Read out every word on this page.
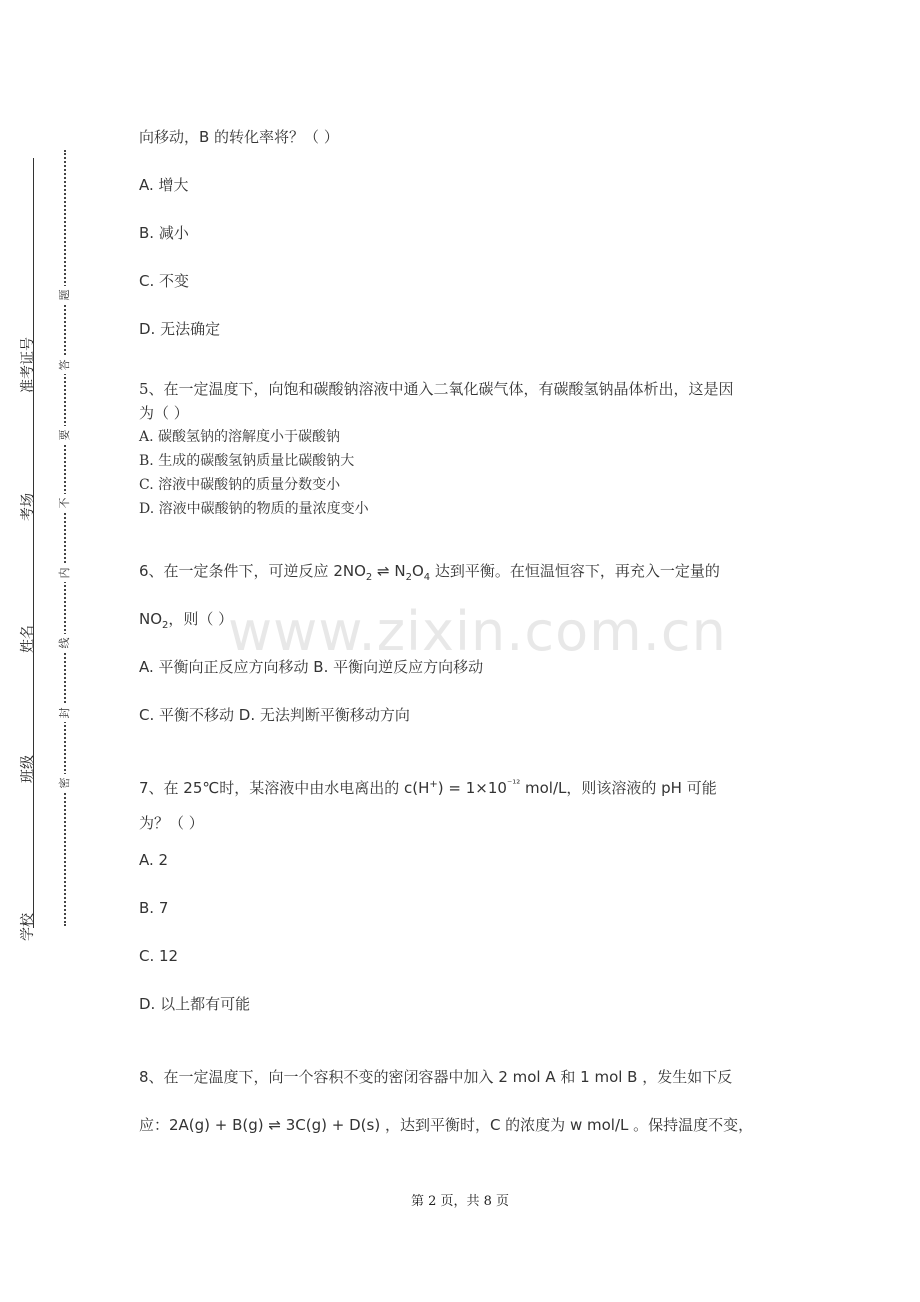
准考证号
考场
姓名
班级
学校
题
答
要
不
内
线
封
密
www.zixin.com.cn
向移动，B 的转化率将？（ ）
A. 增大
B. 减小
C. 不变
D. 无法确定
5、在一定温度下，向饱和碳酸钠溶液中通入二氧化碳气体，有碳酸氢钠晶体析出，这是因
为（ ）
A. 碳酸氢钠的溶解度小于碳酸钠
B. 生成的碳酸氢钠质量比碳酸钠大
C. 溶液中碳酸钠的质量分数变小
D. 溶液中碳酸钠的物质的量浓度变小
6、在一定条件下，可逆反应 $2NO_2$ ⇌ $N_2O_4$ 达到平衡。在恒温恒容下，再充入一定量的
$NO_2$，则（ ）
A. 平衡向正反应方向移动 B. 平衡向逆反应方向移动
C. 平衡不移动 D. 无法判断平衡移动方向
7、在 25℃时，某溶液中由水电离出的 $c(H^+) = 1\times 10^{^{-12}}$ mol/L，则该溶液的 pH 可能
为？（ ）
A. 2
B. 7
C. 12
D. 以上都有可能
8、在一定温度下，向一个容积不变的密闭容器中加入 2 mol A 和 1 mol B ，发生如下反
应：2A(g) + B(g) ⇌ 3C(g) + D(s) ，达到平衡时，C 的浓度为 w mol/L 。保持温度不变，
第 2 页，共 8 页
